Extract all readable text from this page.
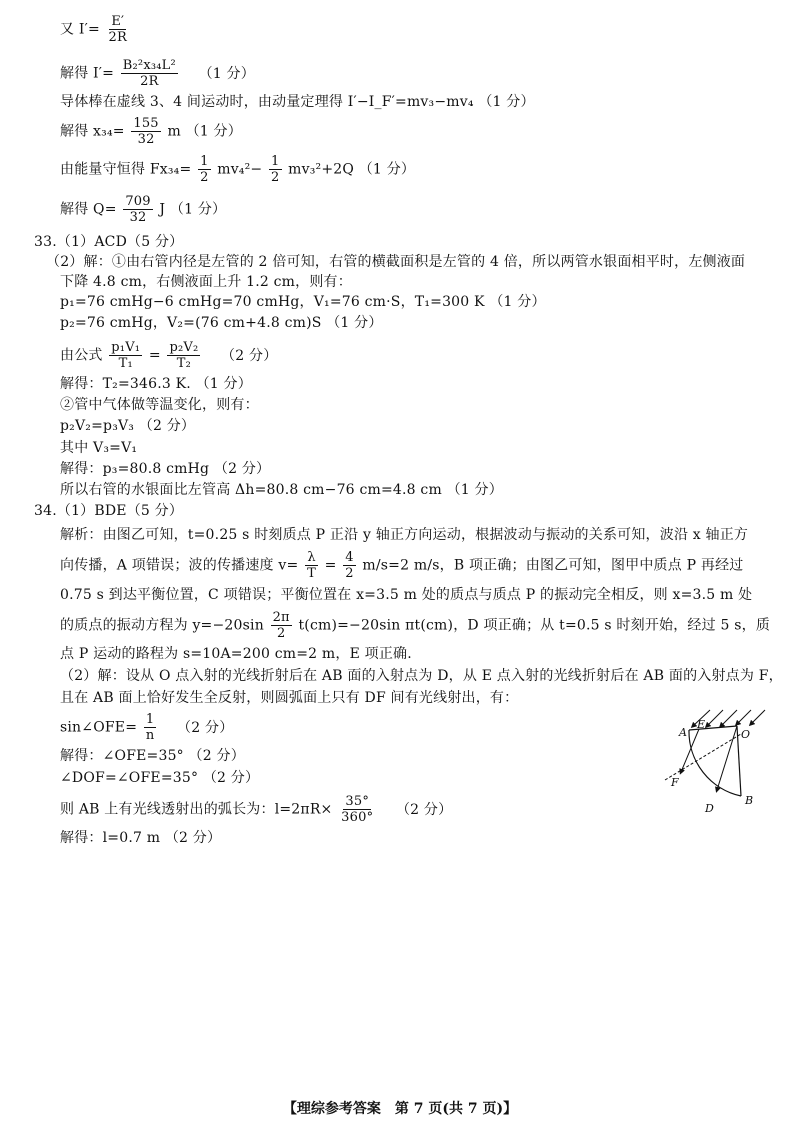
又 $I'= \frac{E'}{2R}$
解得 $I'= \frac{\text{B₂²x₃₄L²}}{2R} (1$ 分）
导体棒在虚线 3、4 间运动时，由动量定理得 I′−I_F′=mv₃−mv₄ （1 分）
解得 $x_{34}= \frac{155}{32}$ m （1 分）
由能量守恒得 $Fx_{34}= \frac{1}{2} mv_4^2- \frac{1}{2} mv_3^2+2Q$ （1 分）
解得 $Q= \frac{709}{32}$ J （1 分）
33.（1）ACD（5 分）
（2）解：①由右管内径是左管的 2 倍可知，右管的横截面积是左管的 4 倍，所以两管水银面相平时，左侧液面
下降 4.8 cm，右侧液面上升 1.2 cm，则有：
p₁=76 cmHg−6 cmHg=70 cmHg，V₁=76 cm·S，T₁=300 K （1 分）
p₂=76 cmHg，V₂=(76 cm+4.8 cm)S （1 分）
由公式 $\frac{\text{p₁V₁}}{\text{T₁}} = \frac{\text{p₂V₂}}{\text{T₂}} (2$ 分）
解得：T₂=346.3 K. （1 分）
②管中气体做等温变化，则有：
p₂V₂=p₃V₃ （2 分）
其中 V₃=V₁
解得：p₃=80.8 cmHg （2 分）
所以右管的水银面比左管高 Δh=80.8 cm−76 cm=4.8 cm （1 分）
34.（1）BDE（5 分）
解析：由图乙可知，t=0.25 s 时刻质点 P 正沿 y 轴正方向运动，根据波动与振动的关系可知，波沿 x 轴正方
向传播，A 项错误；波的传播速度 $v= \frac{\lambda}{T} = \frac{4}{2} m/s=2$ m/s，B 项正确；由图乙可知，图甲中质点 P 再经过
0.75 s 到达平衡位置，C 项错误；平衡位置在 x=3.5 m 处的质点与质点 P 的振动完全相反，则 x=3.5 m 处
的质点的振动方程为 $y=-20\sin \frac{2\pi}{2} t(cm)=-20\sin$ πt(cm)，D 项正确；从 t=0.5 s 时刻开始，经过 5 s，质
点 P 运动的路程为 s=10A=200 cm=2 m，E 项正确.
（2）解：设从 O 点入射的光线折射后在 AB 面的入射点为 D，从 E 点入射的光线折射后在 AB 面的入射点为 F，
且在 AB 面上恰好发生全反射，则圆弧面上只有 DF 间有光线射出，有：
sin∠OFE= $\frac{1}{n} (2$ 分）
解得：∠OFE=35° （2 分）
∠DOF=∠OFE=35° （2 分）
则 AB 上有光线透射出的弧长为：$l=2\pi R\times \frac{35^\circ}{360^\circ} (2$ 分）
解得：l=0.7 m （2 分）
A
E
O
F
D
B
【理综参考答案　第 7 页(共 7 页)】
